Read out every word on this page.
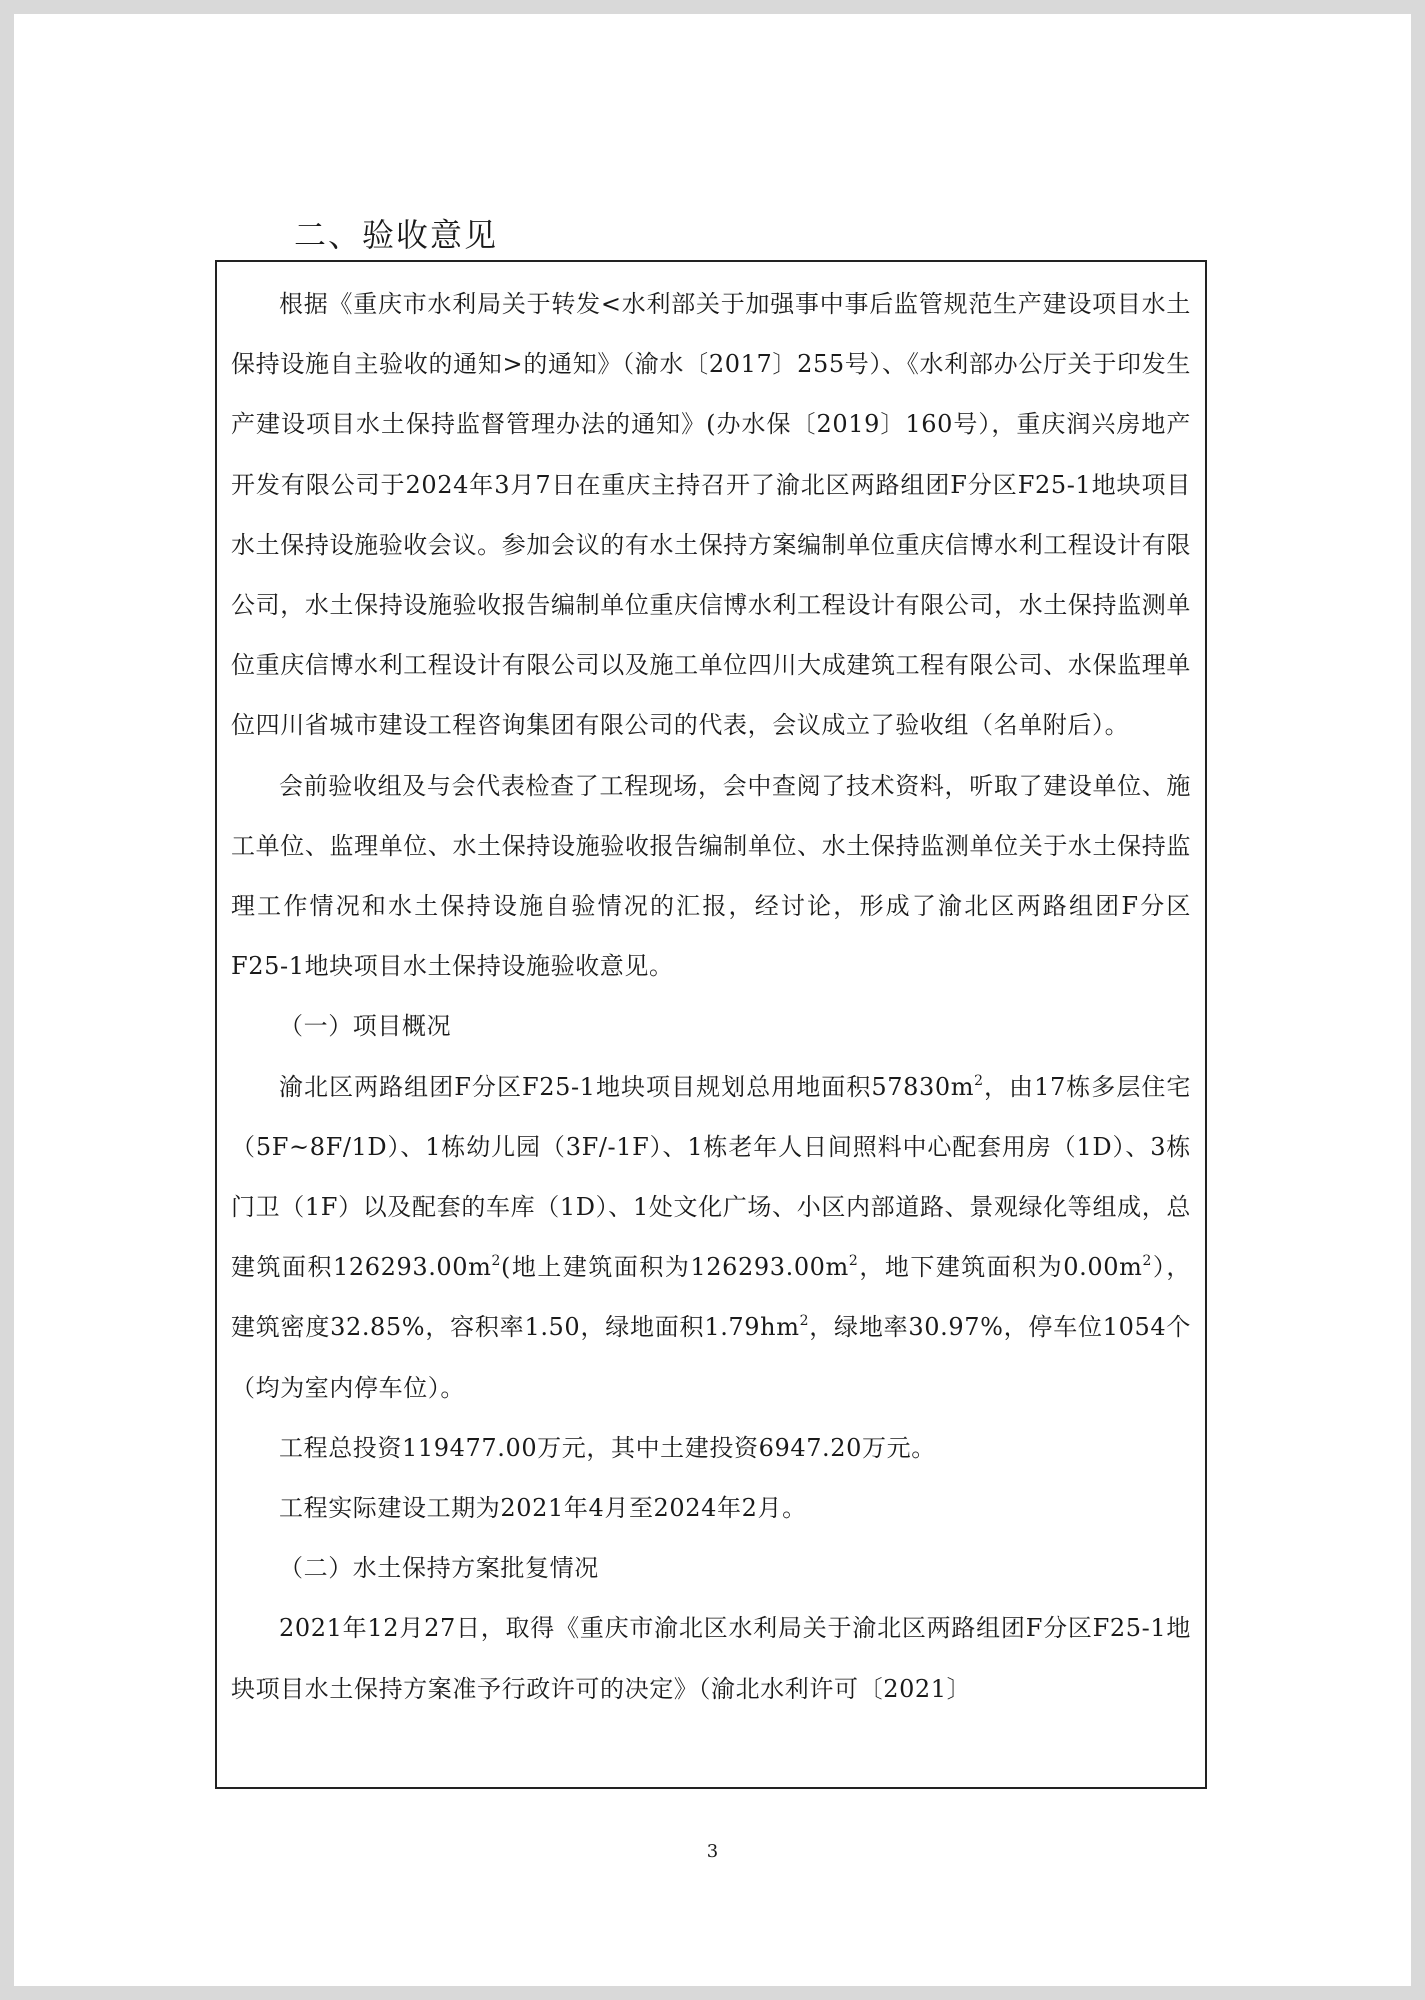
二、验收意见

根据《重庆市水利局关于转发<水利部关于加强事中事后监管规范生产建设项目水土保持设施自主验收的通知>的通知》（渝水〔2017〕255号）、《水利部办公厅关于印发生产建设项目水土保持监督管理办法的通知》(办水保〔2019〕160号），重庆润兴房地产开发有限公司于2024年3月7日在重庆主持召开了渝北区两路组团F分区F25-1地块项目水土保持设施验收会议。参加会议的有水土保持方案编制单位重庆信博水利工程设计有限公司，水土保持设施验收报告编制单位重庆信博水利工程设计有限公司，水土保持监测单位重庆信博水利工程设计有限公司以及施工单位四川大成建筑工程有限公司、水保监理单位四川省城市建设工程咨询集团有限公司的代表，会议成立了验收组（名单附后）。

会前验收组及与会代表检查了工程现场，会中查阅了技术资料，听取了建设单位、施工单位、监理单位、水土保持设施验收报告编制单位、水土保持监测单位关于水土保持监理工作情况和水土保持设施自验情况的汇报，经讨论，形成了渝北区两路组团F分区F25-1地块项目水土保持设施验收意见。

（一）项目概况

渝北区两路组团F分区F25-1地块项目规划总用地面积$57830m^2$，由17栋多层住宅（5F~8F/1D）、1栋幼儿园（3F/-1F）、1栋老年人日间照料中心配套用房（1D）、3栋门卫（1F）以及配套的车库（1D）、1处文化广场、小区内部道路、景观绿化等组成，总建筑面积$126293.00m^2$(地上建筑面积为$126293.00m^2$，地下建筑面积为$0.00m^2$），建筑密度32.85%，容积率1.50，绿地面积$1.79hm^2$，绿地率30.97%，停车位1054个（均为室内停车位）。

工程总投资119477.00万元，其中土建投资6947.20万元。

工程实际建设工期为2021年4月至2024年2月。

（二）水土保持方案批复情况

2021年12月27日，取得《重庆市渝北区水利局关于渝北区两路组团F分区F25-1地块项目水土保持方案准予行政许可的决定》（渝北水利许可〔2021〕

3
